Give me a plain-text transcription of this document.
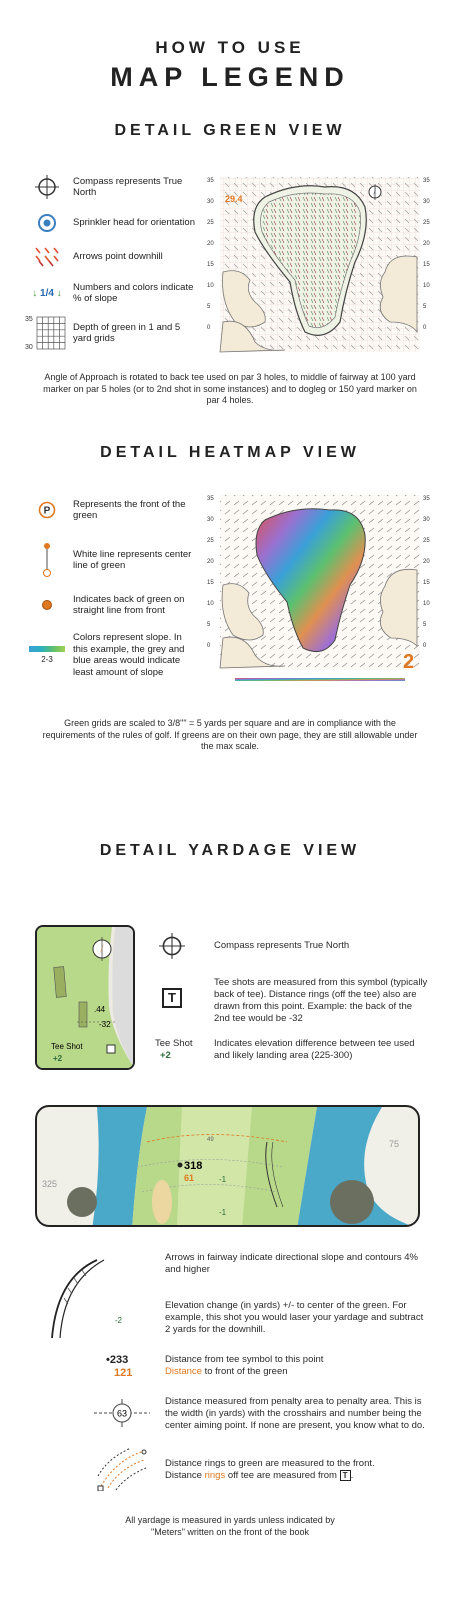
HOW TO USE
MAP LEGEND
DETAIL GREEN VIEW
Compass represents True North
Sprinkler head for orientation
Arrows point downhill
↓
1/4
↓
Numbers and colors indicate % of slope
35
30
Depth of green in 1 and 5 yard grids
35	35
30	30
25	25
20	20
15	15
10	10
5	5
0	0
29.4
Angle of Approach is rotated to back tee used on par 3 holes, to middle of fairway at 100 yard marker on par 5 holes (or to 2nd shot in some instances) and to dogleg or 150 yard marker on par 4 holes.
DETAIL HEATMAP VIEW
P
Represents the front of the green
White line represents center line of green
Indicates back of green on straight line from front
2-3
Colors represent slope. In this example, the grey and blue areas would indicate least amount of slope
35	35
30	30
25	25
20	20
15	15
10	10
5	5
0	0
2
Green grids are scaled to 3/8"" = 5 yards per square and are in compliance with the requirements of the rules of golf. If greens are on their own page, they are still allowable under the max scale.
DETAIL YARDAGE VIEW
.44
-32
Tee Shot
+2
Compass represents True North
T
Tee shots are measured from this symbol (typically back of tee). Distance rings (off the tee) also are drawn from this point. Example: the back of the 2nd tee would be -32
Tee Shot
+2
Indicates elevation difference between tee used and likely landing area (225-300)
318
61	-1
-1
325
75
49
-2
Arrows in fairway indicate directional slope and contours 4% and higher
Elevation change (in yards) +/- to center of the green. For example, this shot you would laser your yardage and subtract 2 yards for the downhill.
•233
121
Distance from tee symbol to this point
Distance to front of the green
63
Distance measured from penalty area to penalty area. This is the width (in yards) with the crosshairs and number being the center aiming point. If none are present, you know what to do.
Distance rings to green are measured to the front.
Distance rings off tee are measured from T .
All yardage is measured in yards unless indicated by "Meters" written on the front of the book
